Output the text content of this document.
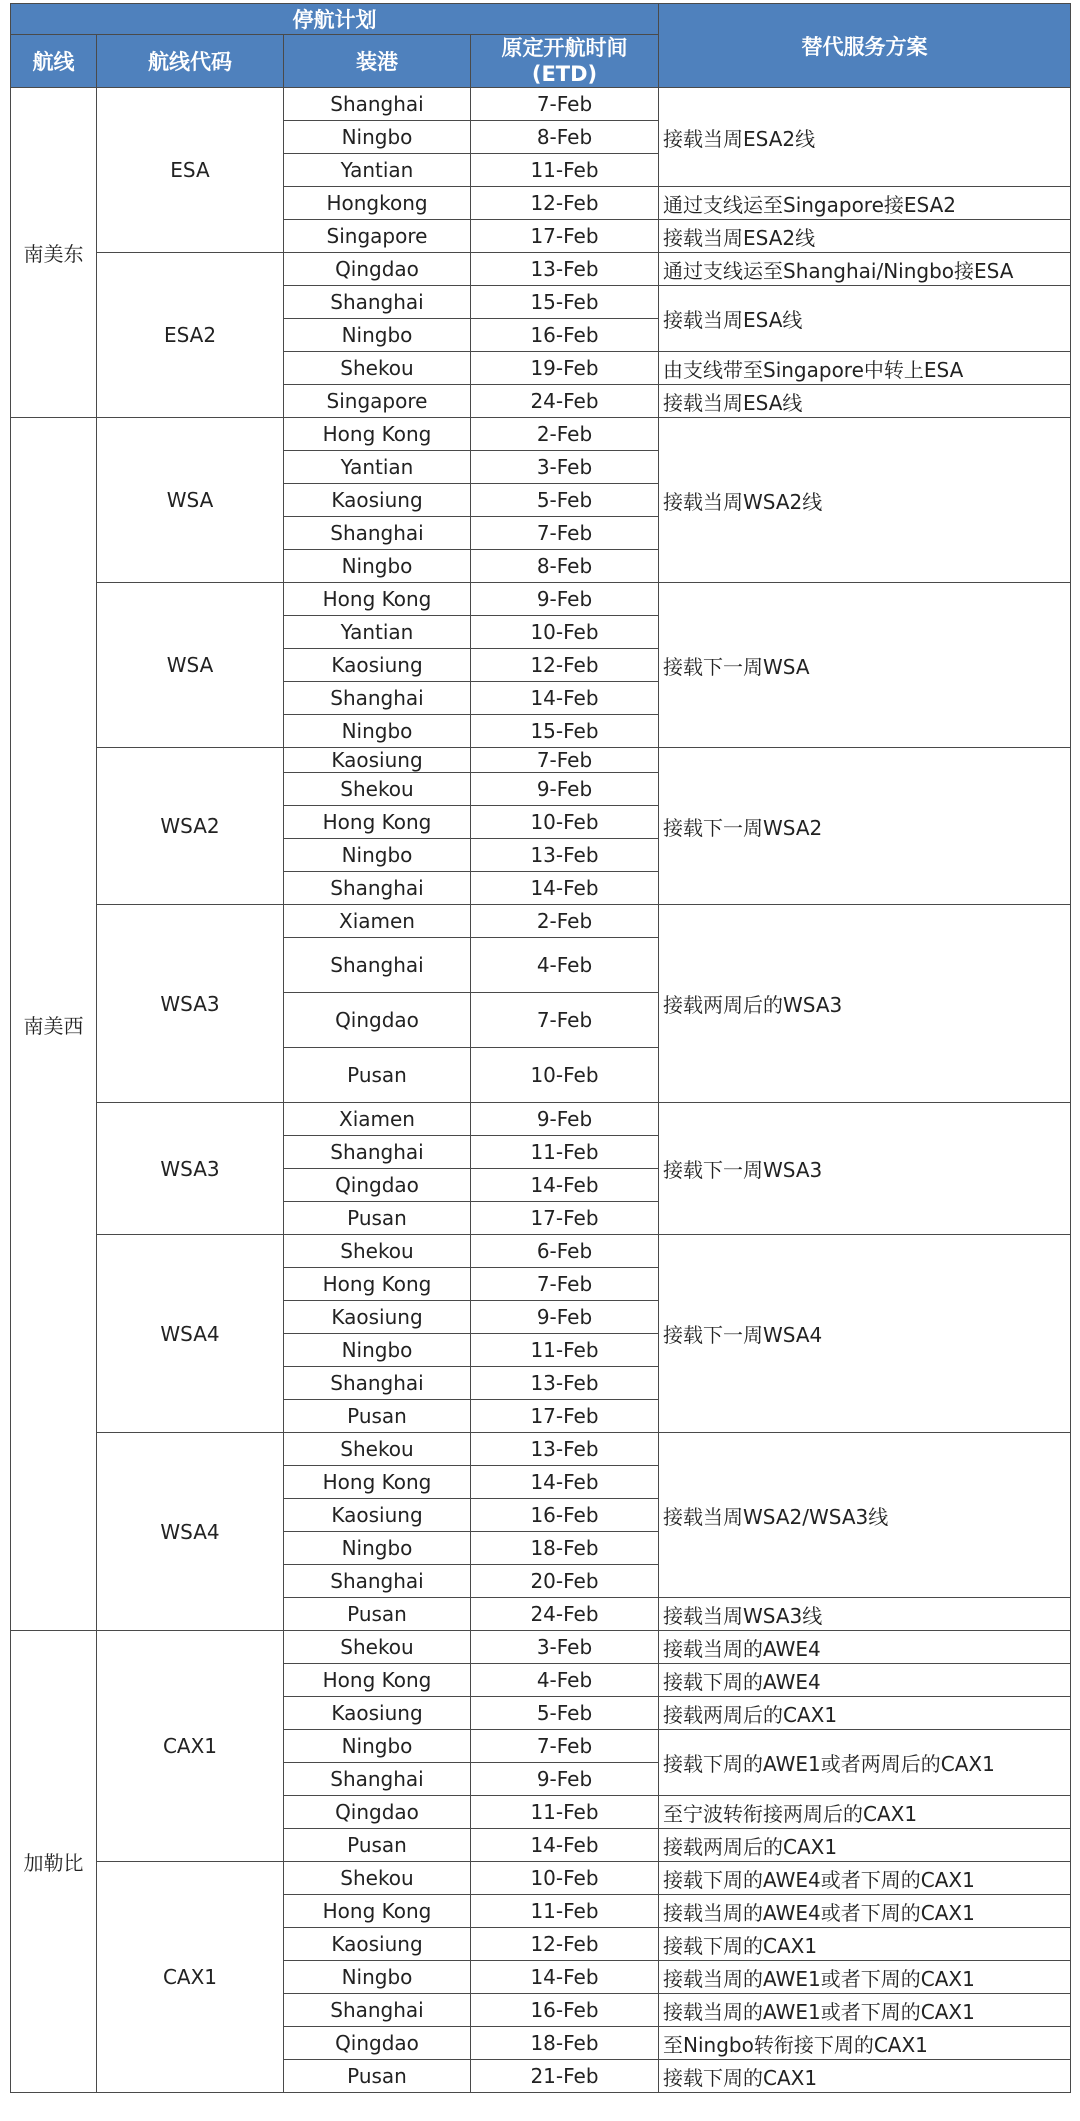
停航计划				替代服务方案
航线	航线代码	装港	原定开航时间
(ETD)	

南美东	ESA	Shanghai	7-Feb	接载当周ESA2线
		Ningbo	8-Feb	
		Yantian	11-Feb	
		Hongkong	12-Feb	通过支线运至Singapore接ESA2
		Singapore	17-Feb	接载当周ESA2线
	ESA2	Qingdao	13-Feb	通过支线运至Shanghai/Ningbo接ESA
		Shanghai	15-Feb	接载当周ESA线
		Ningbo	16-Feb	
		Shekou	19-Feb	由支线带至Singapore中转上ESA
		Singapore	24-Feb	接载当周ESA线
南美西	WSA	Hong Kong	2-Feb	接载当周WSA2线
		Yantian	3-Feb	
		Kaosiung	5-Feb	
		Shanghai	7-Feb	
		Ningbo	8-Feb	
	WSA	Hong Kong	9-Feb	接载下一周WSA
		Yantian	10-Feb	
		Kaosiung	12-Feb	
		Shanghai	14-Feb	
		Ningbo	15-Feb	
	WSA2	Kaosiung	7-Feb	接载下一周WSA2
		Shekou	9-Feb	
		Hong Kong	10-Feb	
		Ningbo	13-Feb	
		Shanghai	14-Feb	
	WSA3	Xiamen	2-Feb	接载两周后的WSA3
		Shanghai	4-Feb	
		Qingdao	7-Feb	
		Pusan	10-Feb	
	WSA3	Xiamen	9-Feb	接载下一周WSA3
		Shanghai	11-Feb	
		Qingdao	14-Feb	
		Pusan	17-Feb	
	WSA4	Shekou	6-Feb	接载下一周WSA4
		Hong Kong	7-Feb	
		Kaosiung	9-Feb	
		Ningbo	11-Feb	
		Shanghai	13-Feb	
		Pusan	17-Feb	
	WSA4	Shekou	13-Feb	接载当周WSA2/WSA3线
		Hong Kong	14-Feb	
		Kaosiung	16-Feb	
		Ningbo	18-Feb	
		Shanghai	20-Feb	
		Pusan	24-Feb	接载当周WSA3线
加勒比	CAX1	Shekou	3-Feb	接载当周的AWE4
		Hong Kong	4-Feb	接载下周的AWE4
		Kaosiung	5-Feb	接载两周后的CAX1
		Ningbo	7-Feb	接载下周的AWE1或者两周后的CAX1
		Shanghai	9-Feb	
		Qingdao	11-Feb	至宁波转衔接两周后的CAX1
		Pusan	14-Feb	接载两周后的CAX1
	CAX1	Shekou	10-Feb	接载下周的AWE4或者下周的CAX1
		Hong Kong	11-Feb	接载当周的AWE4或者下周的CAX1
		Kaosiung	12-Feb	接载下周的CAX1
		Ningbo	14-Feb	接载当周的AWE1或者下周的CAX1
		Shanghai	16-Feb	接载当周的AWE1或者下周的CAX1
		Qingdao	18-Feb	至Ningbo转衔接下周的CAX1
		Pusan	21-Feb	接载下周的CAX1
